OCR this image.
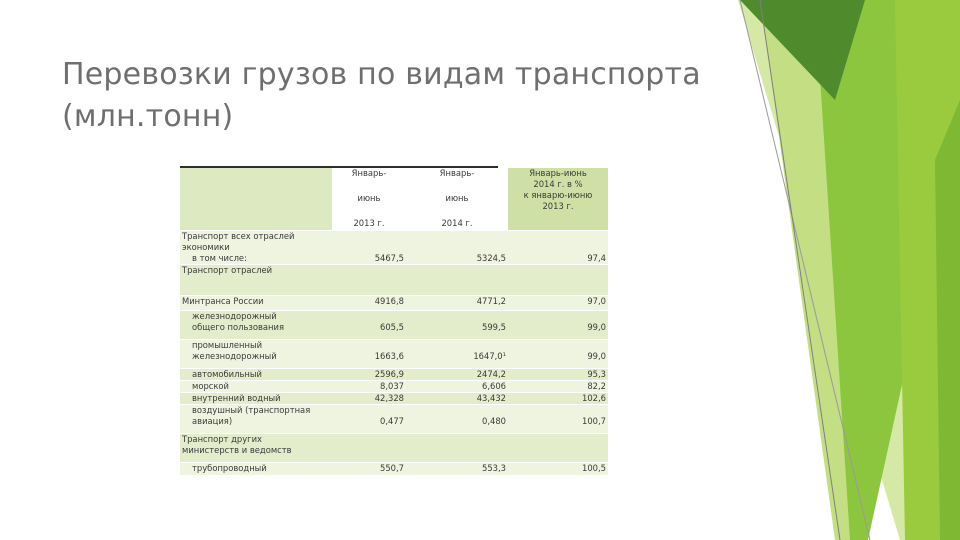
Перевозки грузов по видам транспорта
(млн.тонн)

	Январь-
июнь
2013 г.	Январь-
июнь
2014 г.	Январь-июнь
2014 г. в %
к январю-июню
2013 г.

Транспорт всех отраслей
экономики
в том числе:	5467,5	5324,5	97,4

Транспорт отраслей			

Минтранса России	4916,8	4771,2	97,0

железнодорожный
общего пользования	605,5	599,5	99,0

промышленный
железнодорожный	1663,6	1647,0¹	99,0

автомобильный	2596,9	2474,2	95,3

морской	8,037	6,606	82,2

внутренний водный	42,328	43,432	102,6

воздушный (транспортная
авиация)	0,477	0,480	100,7

Транспорт других
министерств и ведомств			

трубопроводный	550,7	553,3	100,5
